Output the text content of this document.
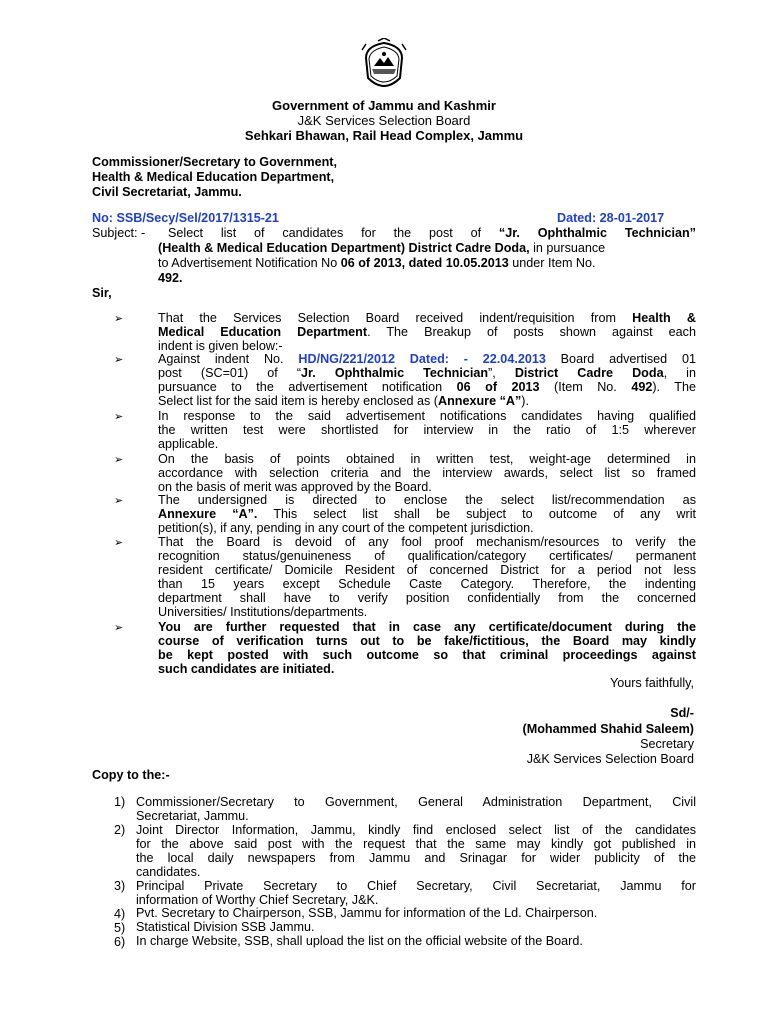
Government of Jammu and Kashmir
J&K Services Selection Board
Sehkari Bhawan, Rail Head Complex, Jammu
Commissioner/Secretary to Government,
Health & Medical Education Department,
Civil Secretariat, Jammu.
No: SSB/Secy/Sel/2017/1315-21	Dated: 28-01-2017
Subject: - Select list of candidates for the post of “Jr. Ophthalmic Technician”
(Health & Medical Education Department) District Cadre Doda, in pursuance
to Advertisement Notification No 06 of 2013, dated 10.05.2013 under Item No.
492.
Sir,
➢	That the Services Selection Board received indent/requisition from Health &
Medical Education Department. The Breakup of posts shown against each
indent is given below:-
➢	Against indent No. HD/NG/221/2012 Dated: - 22.04.2013 Board advertised 01
post (SC=01) of “Jr. Ophthalmic Technician”, District Cadre Doda, in
pursuance to the advertisement notification 06 of 2013 (Item No. 492). The
Select list for the said item is hereby enclosed as (Annexure “A”).
➢	In response to the said advertisement notifications candidates having qualified
the written test were shortlisted for interview in the ratio of 1:5 wherever
applicable.
➢	On the basis of points obtained in written test, weight-age determined in
accordance with selection criteria and the interview awards, select list so framed
on the basis of merit was approved by the Board.
➢	The undersigned is directed to enclose the select list/recommendation as
Annexure “A”. This select list shall be subject to outcome of any writ
petition(s), if any, pending in any court of the competent jurisdiction.
➢	That the Board is devoid of any fool proof mechanism/resources to verify the
recognition status/genuineness of qualification/category certificates/ permanent
resident certificate/ Domicile Resident of concerned District for a period not less
than 15 years except Schedule Caste Category. Therefore, the indenting
department shall have to verify position confidentially from the concerned
Universities/ Institutions/departments.
➢	You are further requested that in case any certificate/document during the
course of verification turns out to be fake/fictitious, the Board may kindly
be kept posted with such outcome so that criminal proceedings against
such candidates are initiated.
Yours faithfully,
Sd/-
(Mohammed Shahid Saleem)
Secretary
J&K Services Selection Board
Copy to the:-
1) Commissioner/Secretary to Government, General Administration Department, Civil
Secretariat, Jammu.
2) Joint Director Information, Jammu, kindly find enclosed select list of the candidates
for the above said post with the request that the same may kindly got published in
the local daily newspapers from Jammu and Srinagar for wider publicity of the
candidates.
3) Principal Private Secretary to Chief Secretary, Civil Secretariat, Jammu for
information of Worthy Chief Secretary, J&K.
4) Pvt. Secretary to Chairperson, SSB, Jammu for information of the Ld. Chairperson.
5) Statistical Division SSB Jammu.
6) In charge Website, SSB, shall upload the list on the official website of the Board.
